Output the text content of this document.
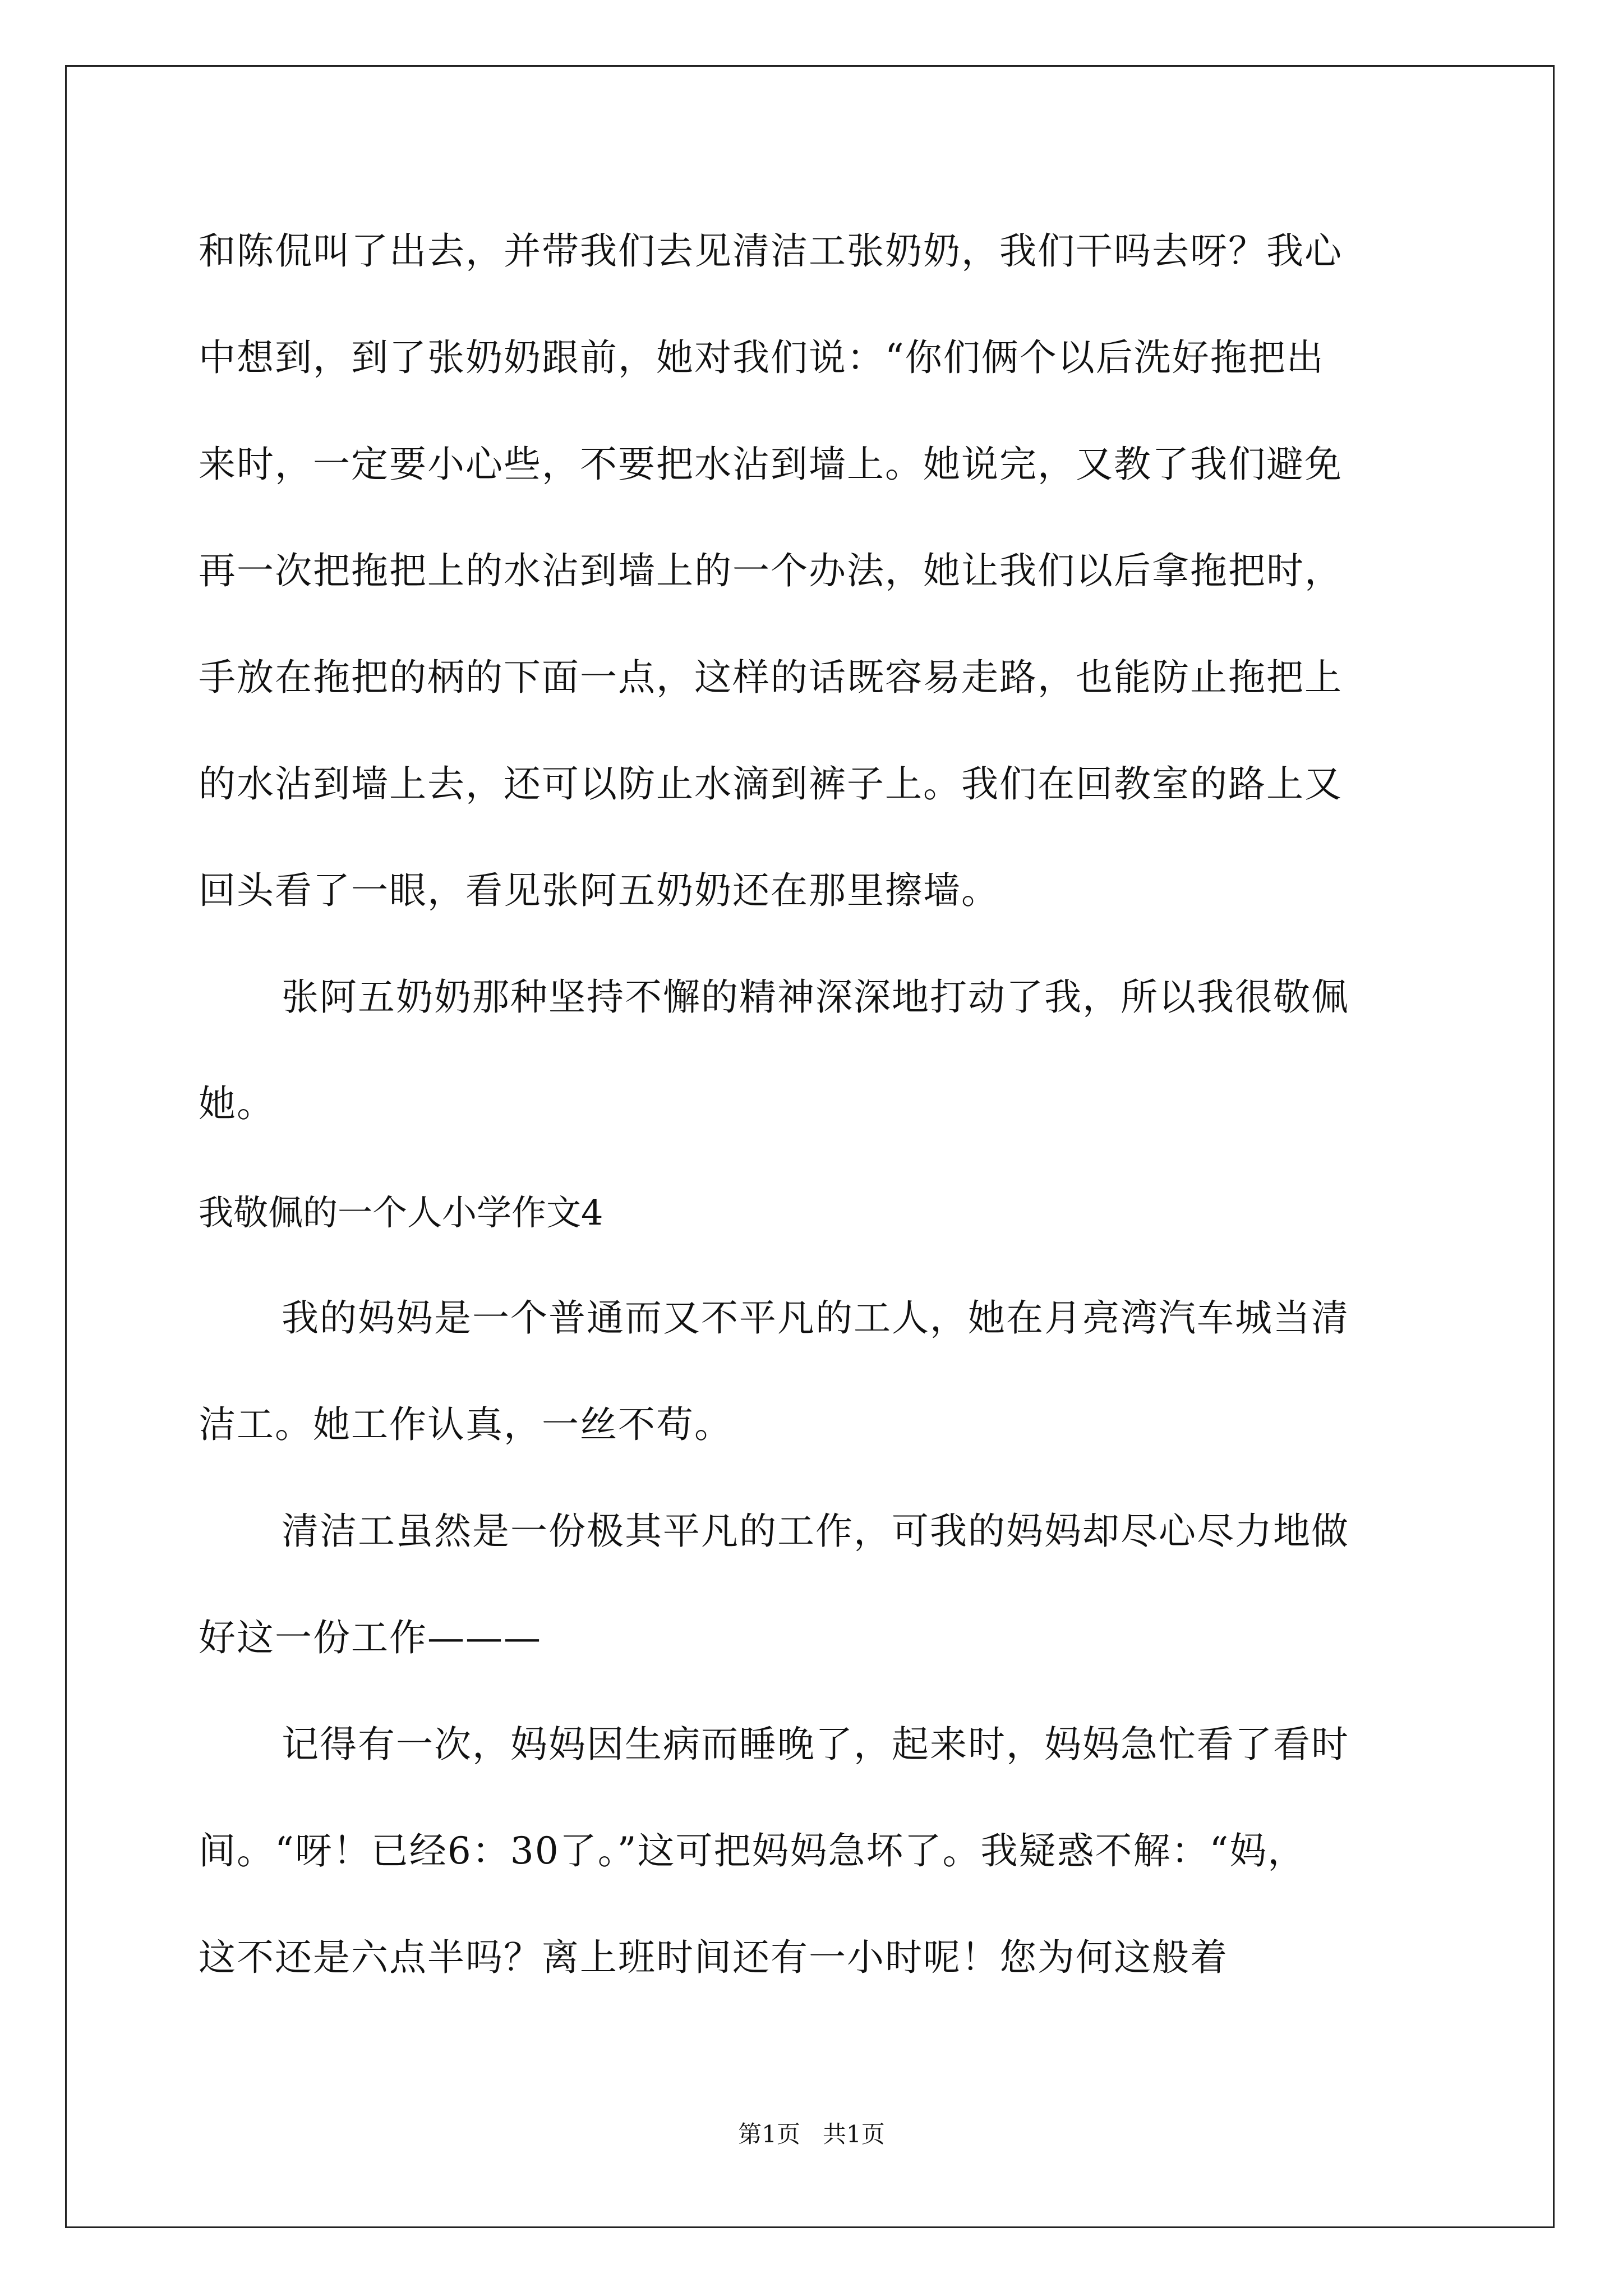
和陈侃叫了出去，并带我们去见清洁工张奶奶，我们干吗去呀？我心
中想到，到了张奶奶跟前，她对我们说：“你们俩个以后洗好拖把出
来时，一定要小心些，不要把水沾到墙上。她说完，又教了我们避免
再一次把拖把上的水沾到墙上的一个办法，她让我们以后拿拖把时，
手放在拖把的柄的下面一点，这样的话既容易走路，也能防止拖把上
的水沾到墙上去，还可以防止水滴到裤子上。我们在回教室的路上又
回头看了一眼，看见张阿五奶奶还在那里擦墙。
张阿五奶奶那种坚持不懈的精神深深地打动了我，所以我很敬佩
她。
我敬佩的一个人小学作文4
我的妈妈是一个普通而又不平凡的工人，她在月亮湾汽车城当清
洁工。她工作认真，一丝不苟。
清洁工虽然是一份极其平凡的工作，可我的妈妈却尽心尽力地做
好这一份工作———
记得有一次，妈妈因生病而睡晚了，起来时，妈妈急忙看了看时
间。“呀！已经6：30了。”这可把妈妈急坏了。我疑惑不解：“妈，
这不还是六点半吗？离上班时间还有一小时呢！您为何这般着
第1页   共1页
